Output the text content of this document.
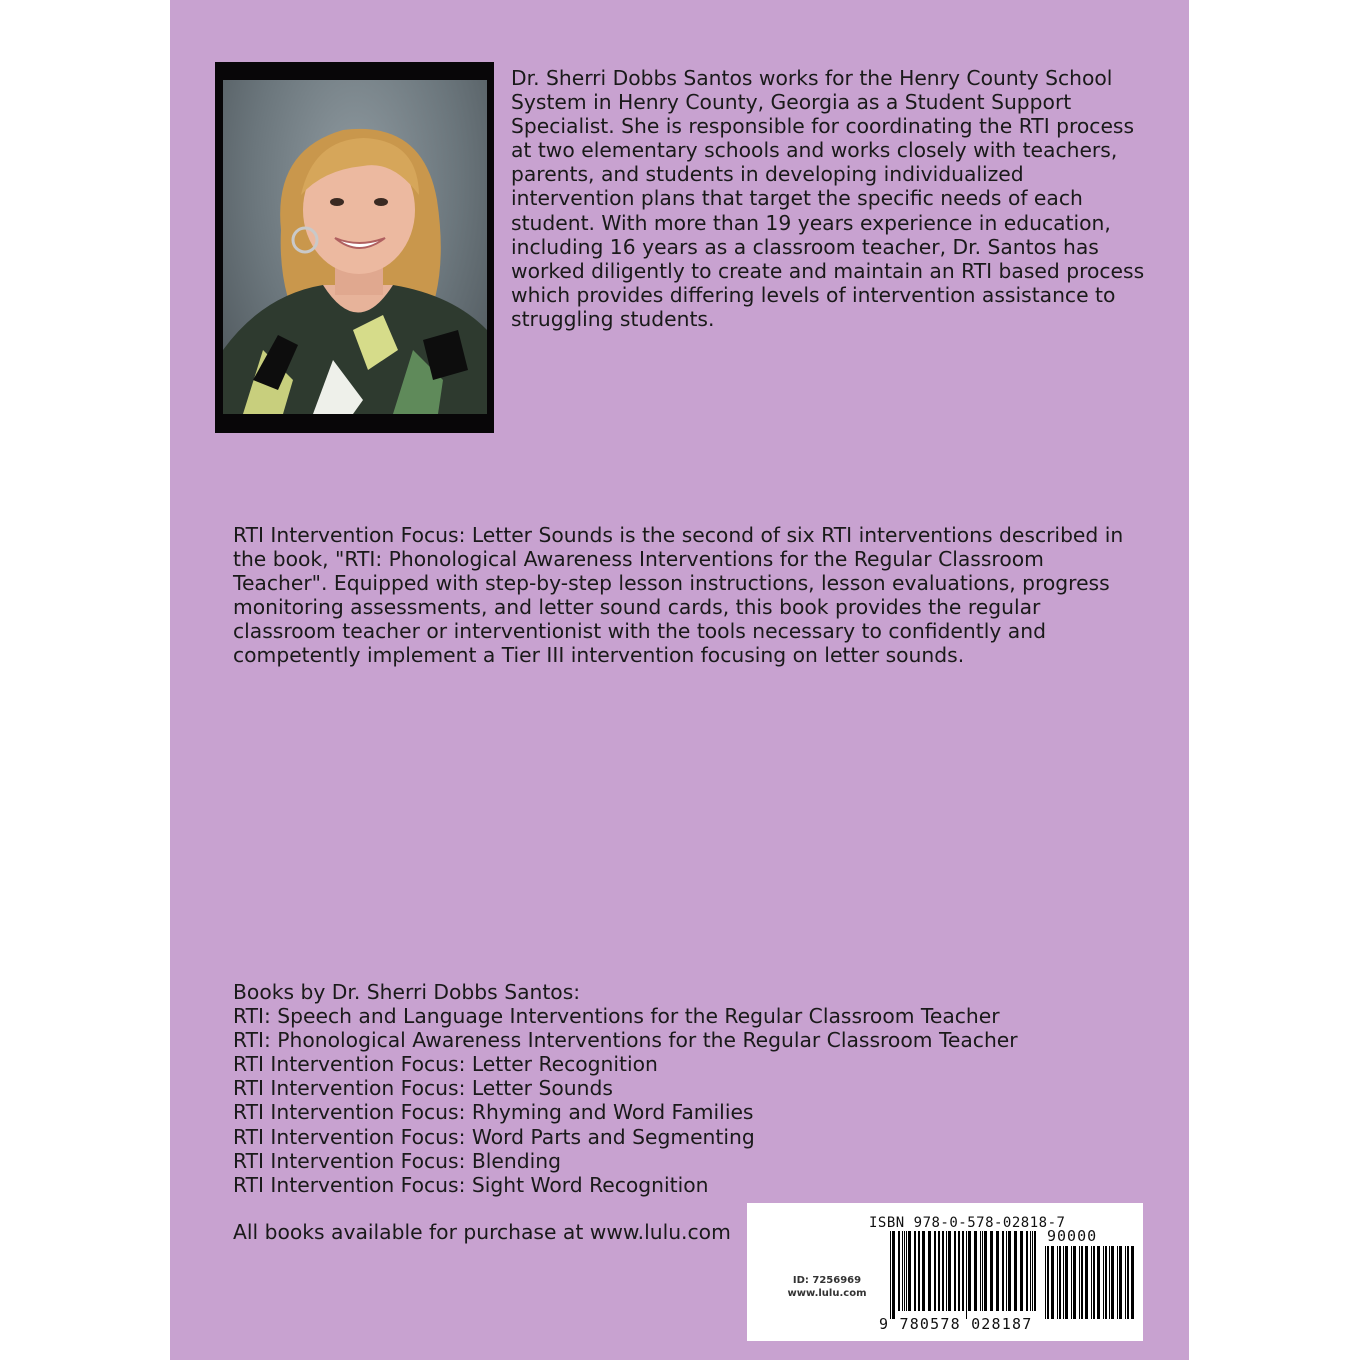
Dr. Sherri Dobbs Santos works for the Henry County School System in Henry County, Georgia as a Student Support Specialist. She is responsible for coordinating the RTI process at two elementary schools and works closely with teachers, parents, and students in developing individualized intervention plans that target the specific needs of each student. With more than 19 years experience in education, including 16 years as a classroom teacher, Dr. Santos has worked diligently to create and maintain an RTI based process which provides differing levels of intervention assistance to struggling students.

RTI Intervention Focus: Letter Sounds is the second of six RTI interventions described in the book, "RTI: Phonological Awareness Interventions for the Regular Classroom Teacher". Equipped with step-by-step lesson instructions, lesson evaluations, progress monitoring assessments, and letter sound cards, this book provides the regular classroom teacher or interventionist with the tools necessary to confidently and competently implement a Tier III intervention focusing on letter sounds.

Books by Dr. Sherri Dobbs Santos:
RTI: Speech and Language Interventions for the Regular Classroom Teacher
RTI: Phonological Awareness Interventions for the Regular Classroom Teacher
RTI Intervention Focus: Letter Recognition
RTI Intervention Focus: Letter Sounds
RTI Intervention Focus: Rhyming and Word Families
RTI Intervention Focus: Word Parts and Segmenting
RTI Intervention Focus: Blending
RTI Intervention Focus: Sight Word Recognition
All books available for purchase at www.lulu.com	ISBN 978-0-578-02818-7
ID: 7256969
www.lulu.com
90000
9 780578 028187
